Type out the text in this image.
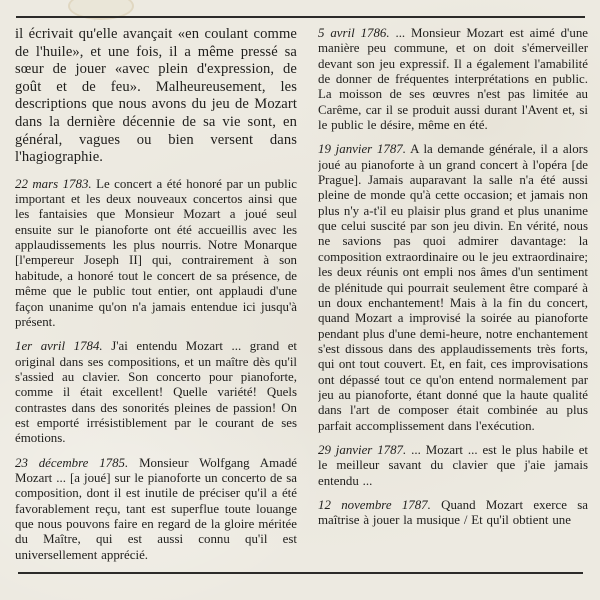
il écrivait qu'elle avançait «en coulant comme de l'huile», et une fois, il a même pressé sa sœur de jouer «avec plein d'expression, de goût et de feu». Malheureusement, les descriptions que nous avons du jeu de Mozart dans la dernière décennie de sa vie sont, en général, vagues ou bien versent dans l'hagiographie.

22 mars 1783. Le concert a été honoré par un public important et les deux nouveaux concertos ainsi que les fantaisies que Monsieur Mozart a joué seul ensuite sur le pianoforte ont été accueillis avec les applaudissements les plus nourris. Notre Monarque [l'empereur Joseph II] qui, contrairement à son habitude, a honoré tout le concert de sa présence, de même que le public tout entier, ont applaudi d'une façon unanime qu'on n'a jamais entendue ici jusqu'à présent.

1er avril 1784. J'ai entendu Mozart ... grand et original dans ses compositions, et un maître dès qu'il s'assied au clavier. Son concerto pour pianoforte, comme il était excellent! Quelle variété! Quels contrastes dans des sonorités pleines de passion! On est emporté irrésistiblement par le courant de ses émotions.

23 décembre 1785. Monsieur Wolfgang Amadé Mozart ... [a joué] sur le pianoforte un concerto de sa composition, dont il est inutile de préciser qu'il a été favorablement reçu, tant est superflue toute louange que nous pouvons faire en regard de la gloire méritée du Maître, qui est aussi connu qu'il est universellement apprécié.

5 avril 1786. ... Monsieur Mozart est aimé d'une manière peu commune, et on doit s'émerveiller devant son jeu expressif. Il a également l'amabilité de donner de fréquentes interprétations en public. La moisson de ses œuvres n'est pas limitée au Carême, car il se produit aussi durant l'Avent et, si le public le désire, même en été.

19 janvier 1787. A la demande générale, il a alors joué au pianoforte à un grand concert à l'opéra [de Prague]. Jamais auparavant la salle n'a été aussi pleine de monde qu'à cette occasion; et jamais non plus n'y a-t'il eu plaisir plus grand et plus unanime que celui suscité par son jeu divin. En vérité, nous ne savions pas quoi admirer davantage: la composition extraordinaire ou le jeu extraordinaire; les deux réunis ont empli nos âmes d'un sentiment de plénitude qui pourrait seulement être comparé à un doux enchantement! Mais à la fin du concert, quand Mozart a improvisé la soirée au pianoforte pendant plus d'une demi-heure, notre enchantement s'est dissous dans des applaudissements très forts, qui ont tout couvert. Et, en fait, ces improvisations ont dépassé tout ce qu'on entend normalement par jeu au pianoforte, étant donné que la haute qualité dans l'art de composer était combinée au plus parfait accomplissement dans l'exécution.

29 janvier 1787. ... Mozart ... est le plus habile et le meilleur savant du clavier que j'aie jamais entendu ...

12 novembre 1787. Quand Mozart exerce sa maîtrise à jouer la musique / Et qu'il obtient une
